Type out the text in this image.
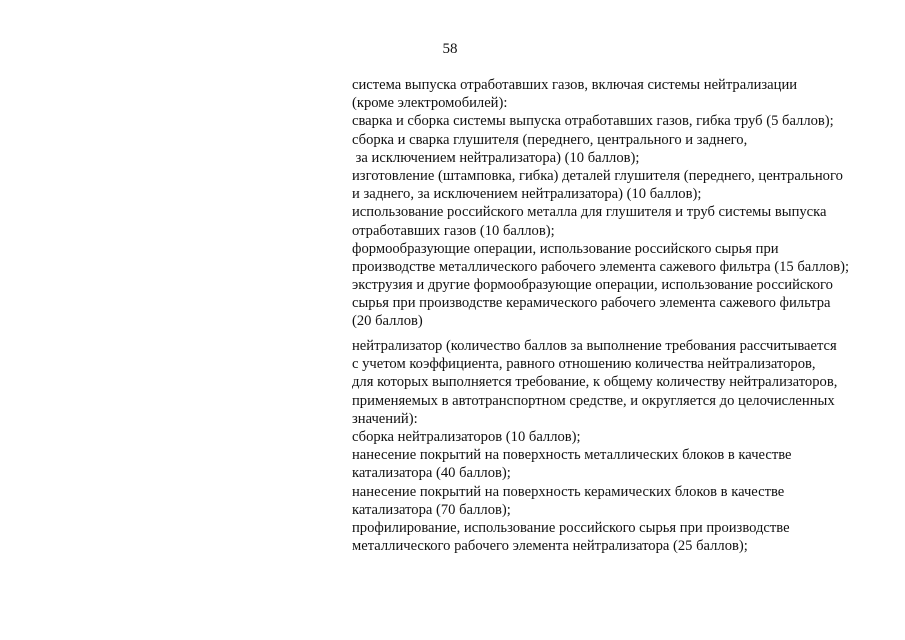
58
система выпуска отработавших газов, включая системы нейтрализации
(кроме электромобилей):
сварка и сборка системы выпуска отработавших газов, гибка труб (5 баллов);
сборка и сварка глушителя (переднего, центрального и заднего,
за исключением нейтрализатора) (10 баллов);
изготовление (штамповка, гибка) деталей глушителя (переднего, центрального
и заднего, за исключением нейтрализатора) (10 баллов);
использование российского металла для глушителя и труб системы выпуска
отработавших газов (10 баллов);
формообразующие операции, использование российского сырья при
производстве металлического рабочего элемента сажевого фильтра (15 баллов);
экструзия и другие формообразующие операции, использование российского
сырья при производстве керамического рабочего элемента сажевого фильтра
(20 баллов)
нейтрализатор (количество баллов за выполнение требования рассчитывается
с учетом коэффициента, равного отношению количества нейтрализаторов,
для которых выполняется требование, к общему количеству нейтрализаторов,
применяемых в автотранспортном средстве, и округляется до целочисленных
значений):
сборка нейтрализаторов (10 баллов);
нанесение покрытий на поверхность металлических блоков в качестве
катализатора (40 баллов);
нанесение покрытий на поверхность керамических блоков в качестве
катализатора (70 баллов);
профилирование, использование российского сырья при производстве
металлического рабочего элемента нейтрализатора (25 баллов);
